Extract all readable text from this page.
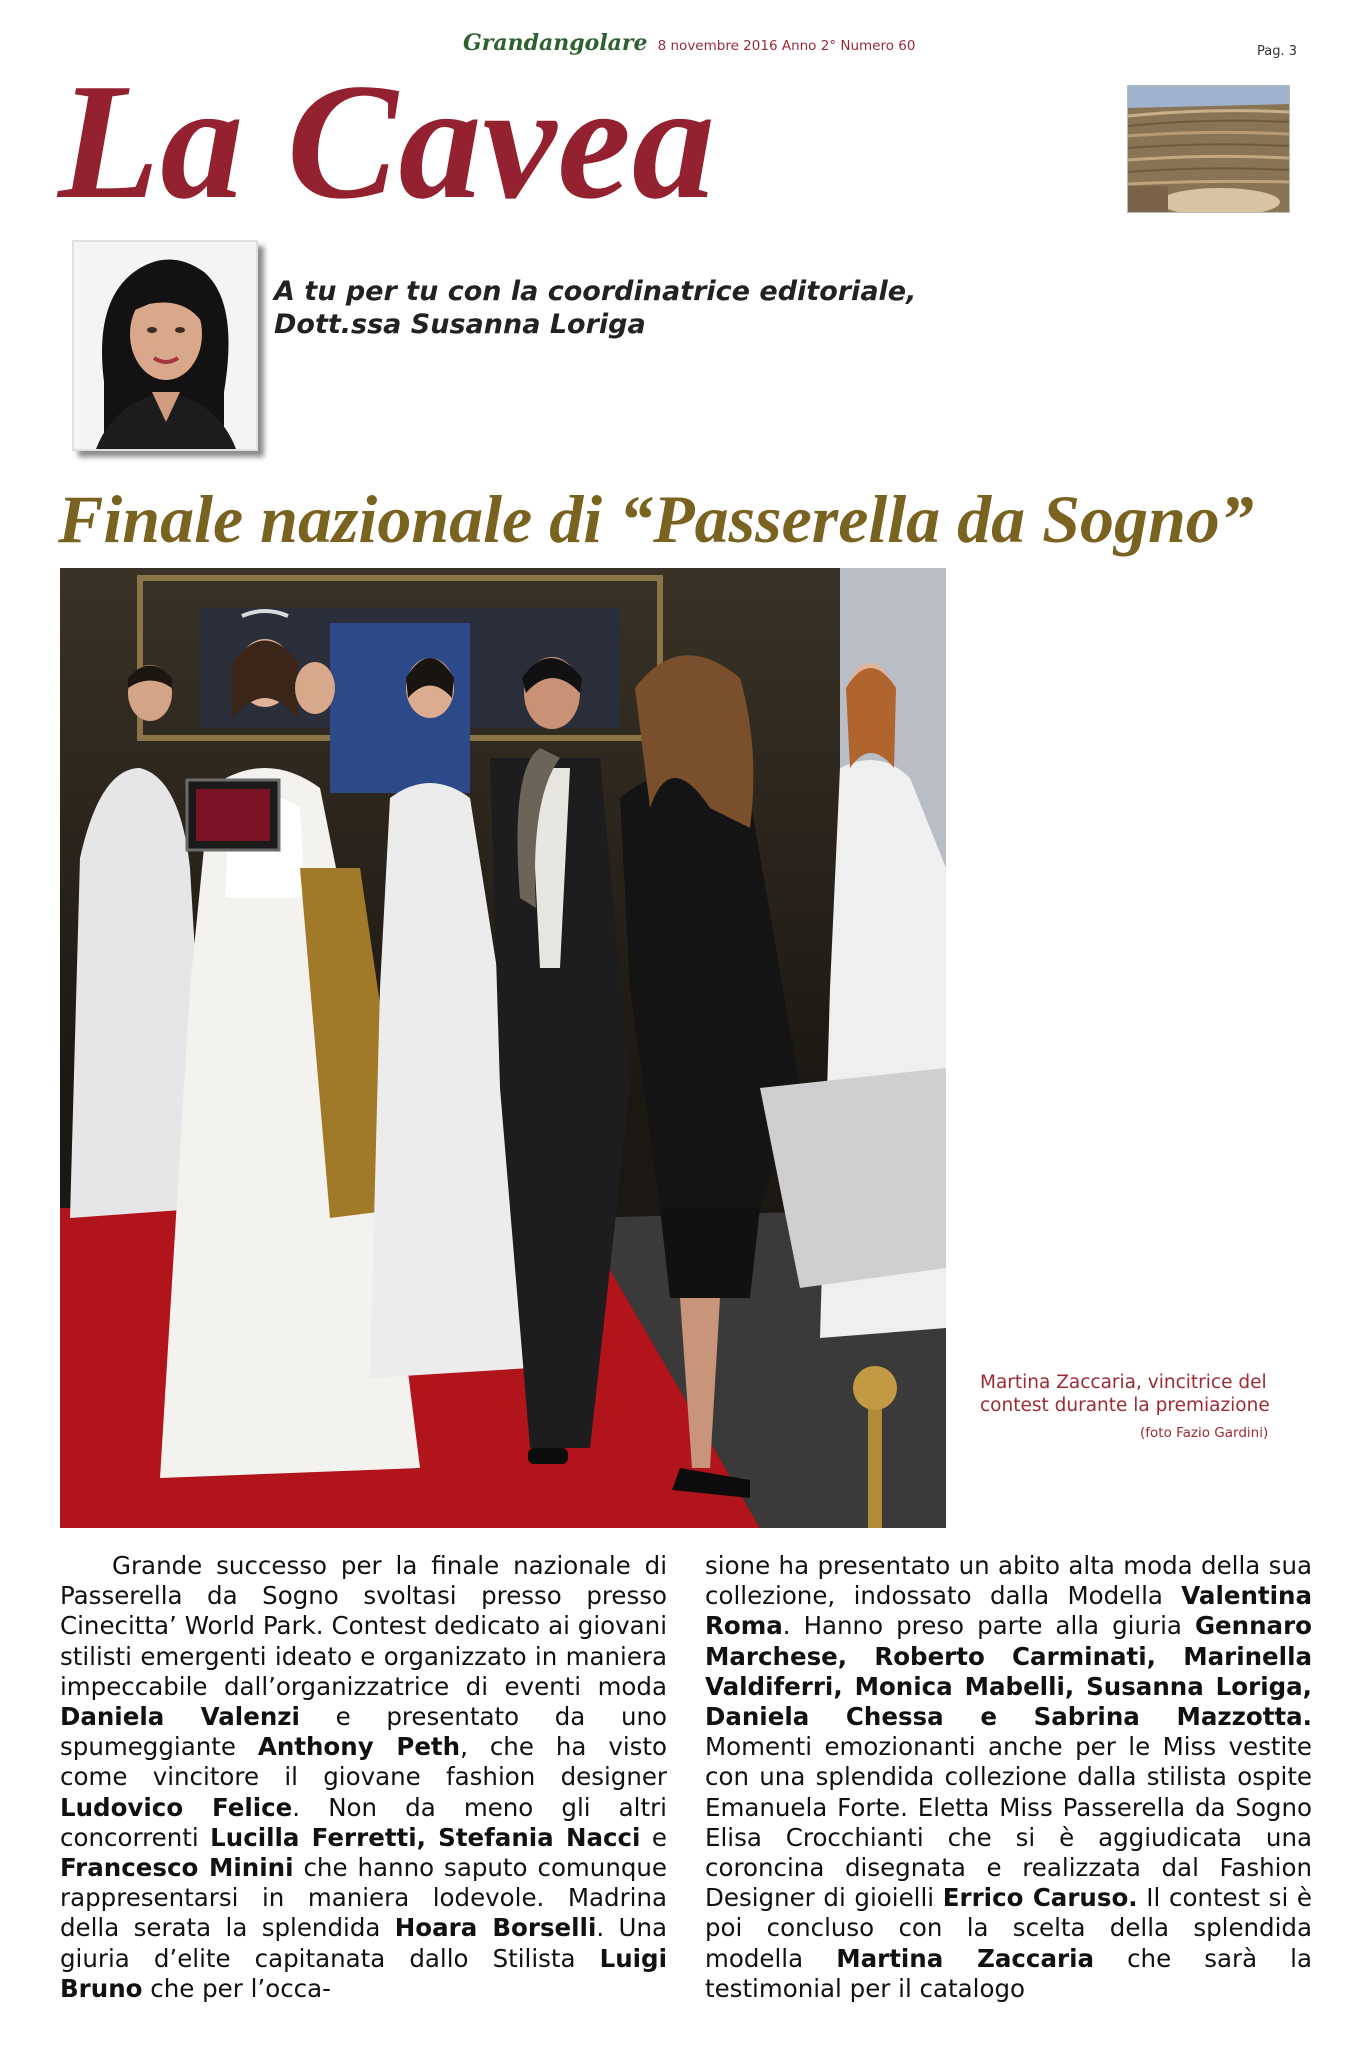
Grandangolare 8 novembre 2016 Anno 2° Numero 60	Pag. 3
La Cavea
A tu per tu con la coordinatrice editoriale,
Dott.ssa Susanna Loriga
Finale nazionale di “Passerella da Sogno”
Martina Zaccaria, vincitrice del
contest durante la premiazione
(foto Fazio Gardini)

Grande successo per la finale nazionale di Passerella da Sogno svoltasi presso presso Cinecitta’ World Park. Contest dedicato ai giovani stilisti emergenti ideato e organizzato in maniera impeccabile dall’organizzatrice di eventi moda Daniela Valenzi e presentato da uno spumeggiante Anthony Peth, che ha visto come vincitore il giovane fashion designer Ludovico Felice. Non da meno gli altri concorrenti Lucilla Ferretti, Stefania Nacci e Francesco Minini che hanno saputo comunque rappresentarsi in maniera lodevole. Madrina della serata la splendida Hoara Borselli. Una giuria d’elite capitanata dallo Stilista Luigi Bruno che per l’occa-

sione ha presentato un abito alta moda della sua collezione, indossato dalla Modella Valentina Roma. Hanno preso parte alla giuria Gennaro Marchese, Roberto Carminati, Marinella Valdiferri, Monica Mabelli, Susanna Loriga, Daniela Chessa e Sabrina Mazzotta. Momenti emozionanti anche per le Miss vestite con una splendida collezione dalla stilista ospite Emanuela Forte. Eletta Miss Passerella da Sogno Elisa Crocchianti che si è aggiudicata una coroncina disegnata e realizzata dal Fashion Designer di gioielli Errico Caruso. Il contest si è poi concluso con la scelta della splendida modella Martina Zaccaria che sarà la testimonial per il catalogo
